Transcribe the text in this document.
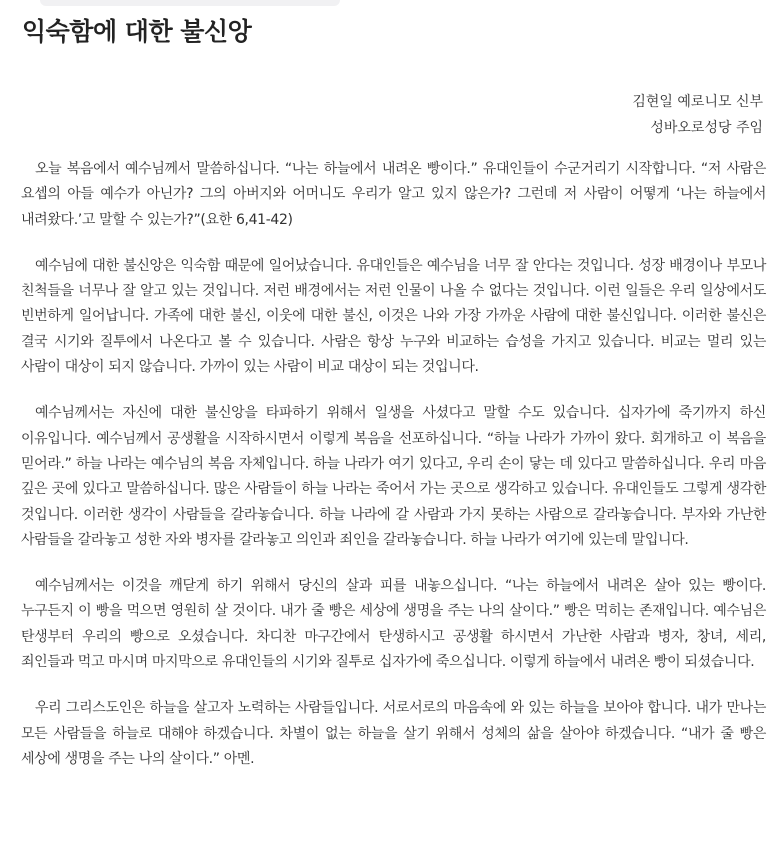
익숙함에 대한 불신앙
김현일 예로니모 신부
성바오로성당 주임

오늘 복음에서 예수님께서 말씀하십니다. “나는 하늘에서 내려온 빵이다.” 유대인들이 수군거리기 시작합니다. “저 사람은 요셉의 아들 예수가 아닌가? 그의 아버지와 어머니도 우리가 알고 있지 않은가? 그런데 저 사람이 어떻게 ‘나는 하늘에서 내려왔다.’고 말할 수 있는가?”(요한 6,41-42)

예수님에 대한 불신앙은 익숙함 때문에 일어났습니다. 유대인들은 예수님을 너무 잘 안다는 것입니다. 성장 배경이나 부모나 친척들을 너무나 잘 알고 있는 것입니다. 저런 배경에서는 저런 인물이 나올 수 없다는 것입니다. 이런 일들은 우리 일상에서도 빈번하게 일어납니다. 가족에 대한 불신, 이웃에 대한 불신, 이것은 나와 가장 가까운 사람에 대한 불신입니다. 이러한 불신은 결국 시기와 질투에서 나온다고 볼 수 있습니다. 사람은 항상 누구와 비교하는 습성을 가지고 있습니다. 비교는 멀리 있는 사람이 대상이 되지 않습니다. 가까이 있는 사람이 비교 대상이 되는 것입니다.

예수님께서는 자신에 대한 불신앙을 타파하기 위해서 일생을 사셨다고 말할 수도 있습니다. 십자가에 죽기까지 하신 이유입니다. 예수님께서 공생활을 시작하시면서 이렇게 복음을 선포하십니다. “하늘 나라가 가까이 왔다. 회개하고 이 복음을 믿어라.” 하늘 나라는 예수님의 복음 자체입니다. 하늘 나라가 여기 있다고, 우리 손이 닿는 데 있다고 말씀하십니다. 우리 마음 깊은 곳에 있다고 말씀하십니다. 많은 사람들이 하늘 나라는 죽어서 가는 곳으로 생각하고 있습니다. 유대인들도 그렇게 생각한 것입니다. 이러한 생각이 사람들을 갈라놓습니다. 하늘 나라에 갈 사람과 가지 못하는 사람으로 갈라놓습니다. 부자와 가난한 사람들을 갈라놓고 성한 자와 병자를 갈라놓고 의인과 죄인을 갈라놓습니다. 하늘 나라가 여기에 있는데 말입니다.

예수님께서는 이것을 깨닫게 하기 위해서 당신의 살과 피를 내놓으십니다. “나는 하늘에서 내려온 살아 있는 빵이다. 누구든지 이 빵을 먹으면 영원히 살 것이다. 내가 줄 빵은 세상에 생명을 주는 나의 살이다.” 빵은 먹히는 존재입니다. 예수님은 탄생부터 우리의 빵으로 오셨습니다. 차디찬 마구간에서 탄생하시고 공생활 하시면서 가난한 사람과 병자, 창녀, 세리, 죄인들과 먹고 마시며 마지막으로 유대인들의 시기와 질투로 십자가에 죽으십니다. 이렇게 하늘에서 내려온 빵이 되셨습니다.

우리 그리스도인은 하늘을 살고자 노력하는 사람들입니다. 서로서로의 마음속에 와 있는 하늘을 보아야 합니다. 내가 만나는 모든 사람들을 하늘로 대해야 하겠습니다. 차별이 없는 하늘을 살기 위해서 성체의 삶을 살아야 하겠습니다. “내가 줄 빵은 세상에 생명을 주는 나의 살이다.” 아멘.
